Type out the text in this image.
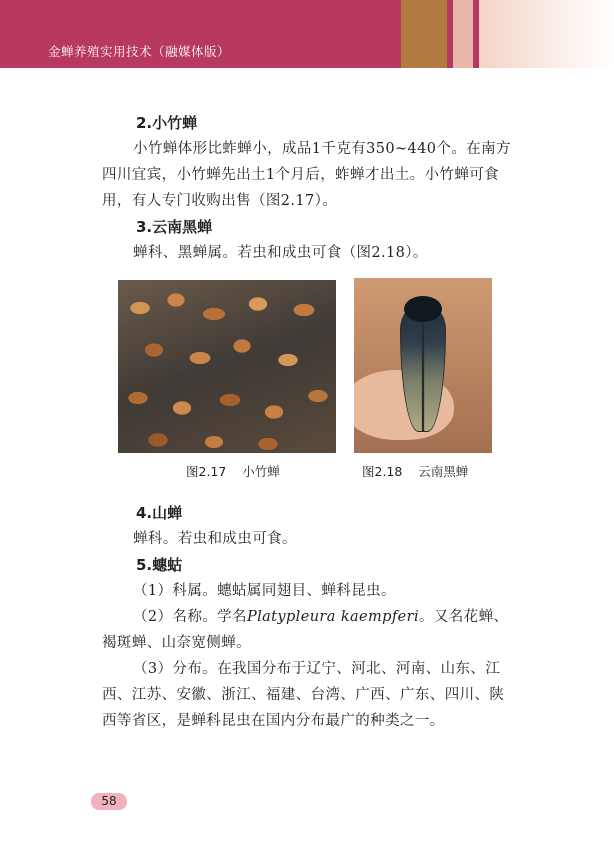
金蝉养殖实用技术（融媒体版）
2.小竹蝉

小竹蝉体形比蚱蝉小，成品1千克有350~440个。在南方四川宜宾，小竹蝉先出土1个月后，蚱蝉才出土。小竹蝉可食用，有人专门收购出售（图2.17）。

3.云南黑蝉

蝉科、黑蝉属。若虫和成虫可食（图2.18）。

图2.17    小竹蝉	图2.18    云南黑蝉
4.山蝉

蝉科。若虫和成虫可食。

5.蟪蛄

（1）科属。蟪蛄属同翅目、蝉科昆虫。

（2）名称。学名Platypleura kaempferi。又名花蝉、褐斑蝉、山奈宽侧蝉。

（3）分布。在我国分布于辽宁、河北、河南、山东、江西、江苏、安徽、浙江、福建、台湾、广西、广东、四川、陕西等省区，是蝉科昆虫在国内分布最广的种类之一。

58
